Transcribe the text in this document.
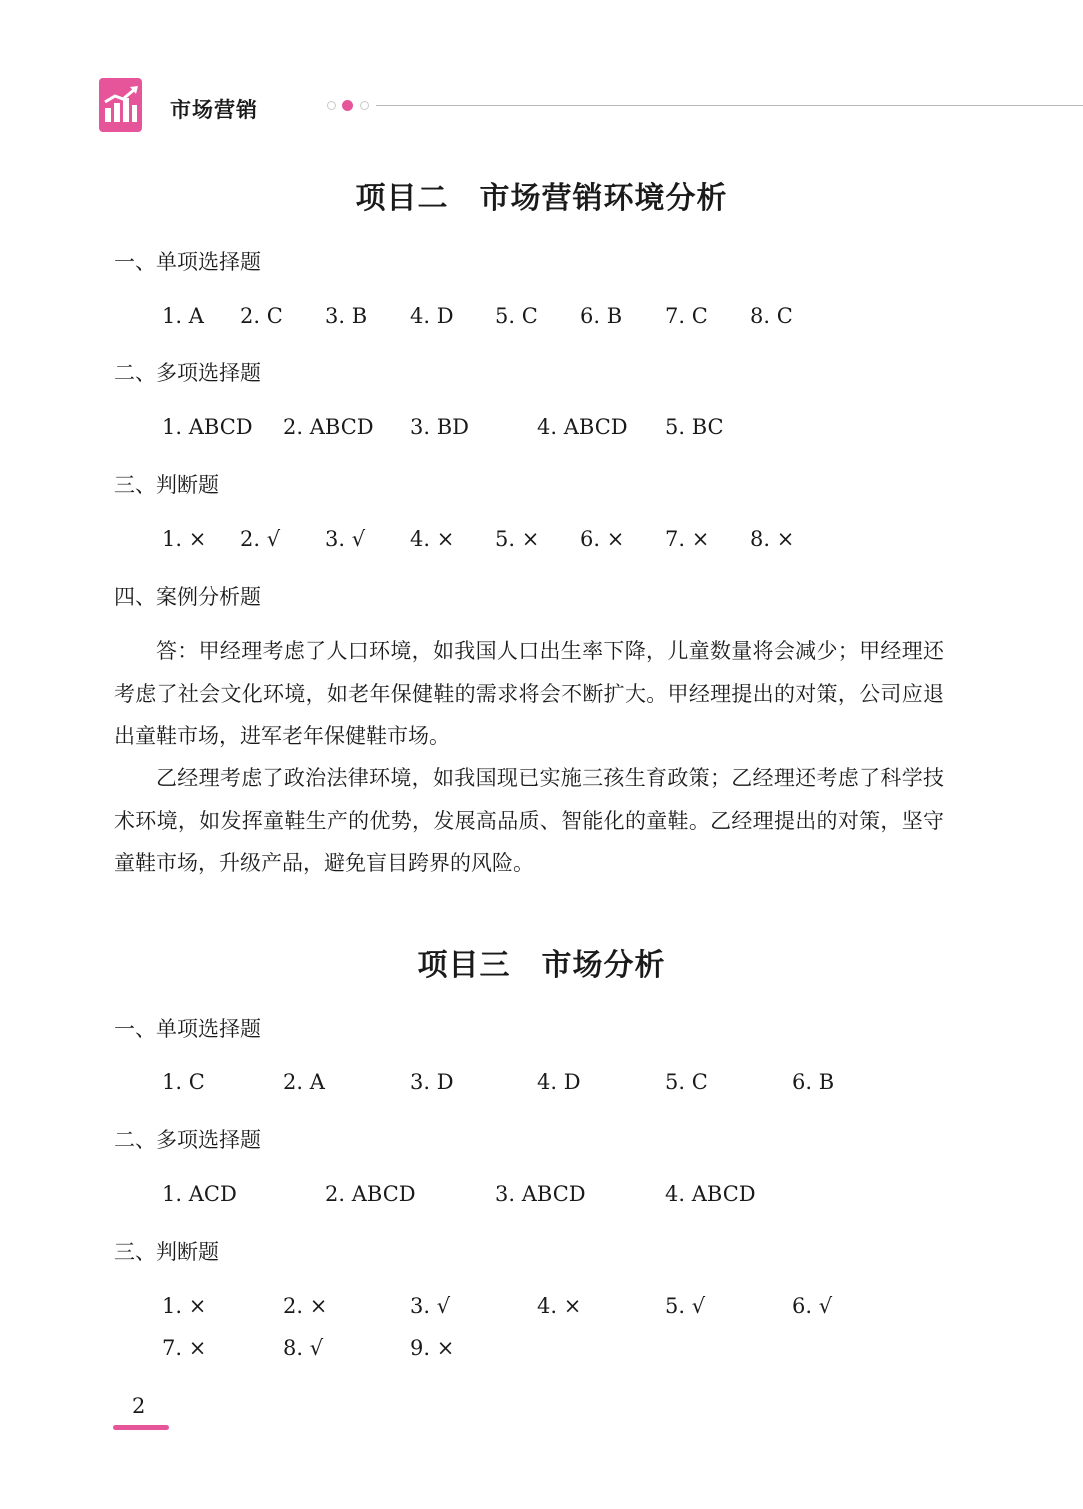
市场营销
项目二　市场营销环境分析
一、单项选择题
1. A 2. C 3. B 4. D 5. C 6. B 7. C 8. C
二、多项选择题
1. ABCD 2. ABCD 3. BD	4. ABCD 5. BC
三、判断题
1. × 2. √ 3. √ 4. × 5. × 6. × 7. × 8. ×
四、案例分析题
答：甲经理考虑了人口环境，如我国人口出生率下降，儿童数量将会减少；甲经理还考虑了社会文化环境，如老年保健鞋的需求将会不断扩大。甲经理提出的对策，公司应退出童鞋市场，进军老年保健鞋市场。
乙经理考虑了政治法律环境，如我国现已实施三孩生育政策；乙经理还考虑了科学技术环境，如发挥童鞋生产的优势，发展高品质、智能化的童鞋。乙经理提出的对策，坚守童鞋市场，升级产品，避免盲目跨界的风险。
项目三　市场分析
一、单项选择题
1. C	2. A	3. D	4. D	5. C	6. B
二、多项选择题
1. ACD	2. ABCD	3. ABCD	4. ABCD
三、判断题
1. ×	2. ×	3. √	4. ×	5. √	6. √
7. ×	8. √	9. ×
2
